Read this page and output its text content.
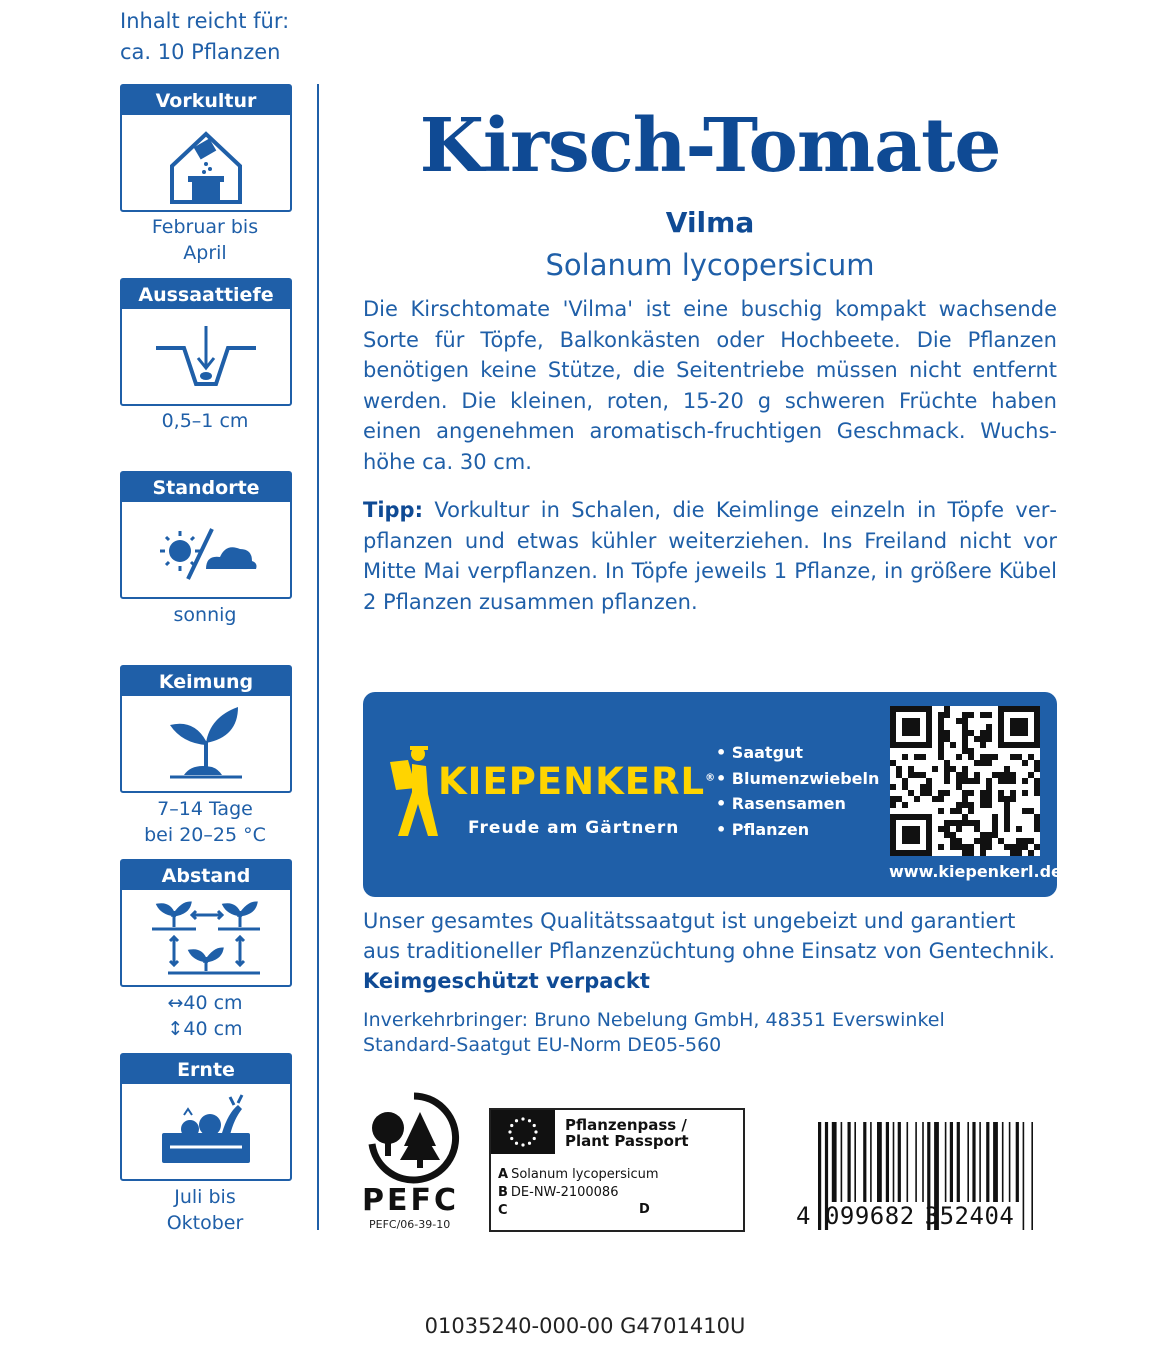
Inhalt reicht für:
ca. 10 Pflanzen
Vorkultur
Februar bis
April
Aussaattiefe
0,5–1 cm
Standorte
sonnig
Keimung
7–14 Tage
bei 20–25 °C
Abstand
↔40 cm
↕40 cm
Ernte
Juli bis
Oktober
Kirsch-Tomate
Vilma
Solanum lycopersicum
Die Kirschtomate 'Vilma' ist eine buschig kompakt wachsende Sorte für Töpfe, Balkonkästen oder Hochbeete. Die Pflanzen benötigen keine Stütze, die Seitentriebe müssen nicht entfernt werden. Die kleinen, roten, 15-20 g schweren Früchte haben einen angenehmen aromatisch-fruchtigen Geschmack. Wuchshöhe ca. 30 cm.
Tipp: Vorkultur in Schalen, die Keimlinge einzeln in Töpfe verpflanzen und etwas kühler weiterziehen. Ins Freiland nicht vor Mitte Mai verpflanzen. In Töpfe jeweils 1 Pflanze, in größere Kübel 2 Pflanzen zusammen pflanzen.
KIEPENKERL®
Freude am Gärtnern
• Saatgut
• Blumenzwiebeln
• Rasensamen
• Pflanzen
www.kiepenkerl.de
Unser gesamtes Qualitätssaatgut ist ungebeizt und garantiert
aus traditioneller Pflanzenzüchtung ohne Einsatz von Gentechnik.
Keimgeschützt verpackt
Inverkehrbringer: Bruno Nebelung GmbH, 48351 Everswinkel
Standard-Saatgut EU-Norm DE05-560
PEFC
PEFC/06-39-10
Pflanzenpass /
Plant Passport
A Solanum lycopersicum
B DE-NW-2100086
C	D	4 099682 352404
01035240-000-00 G4701410U
